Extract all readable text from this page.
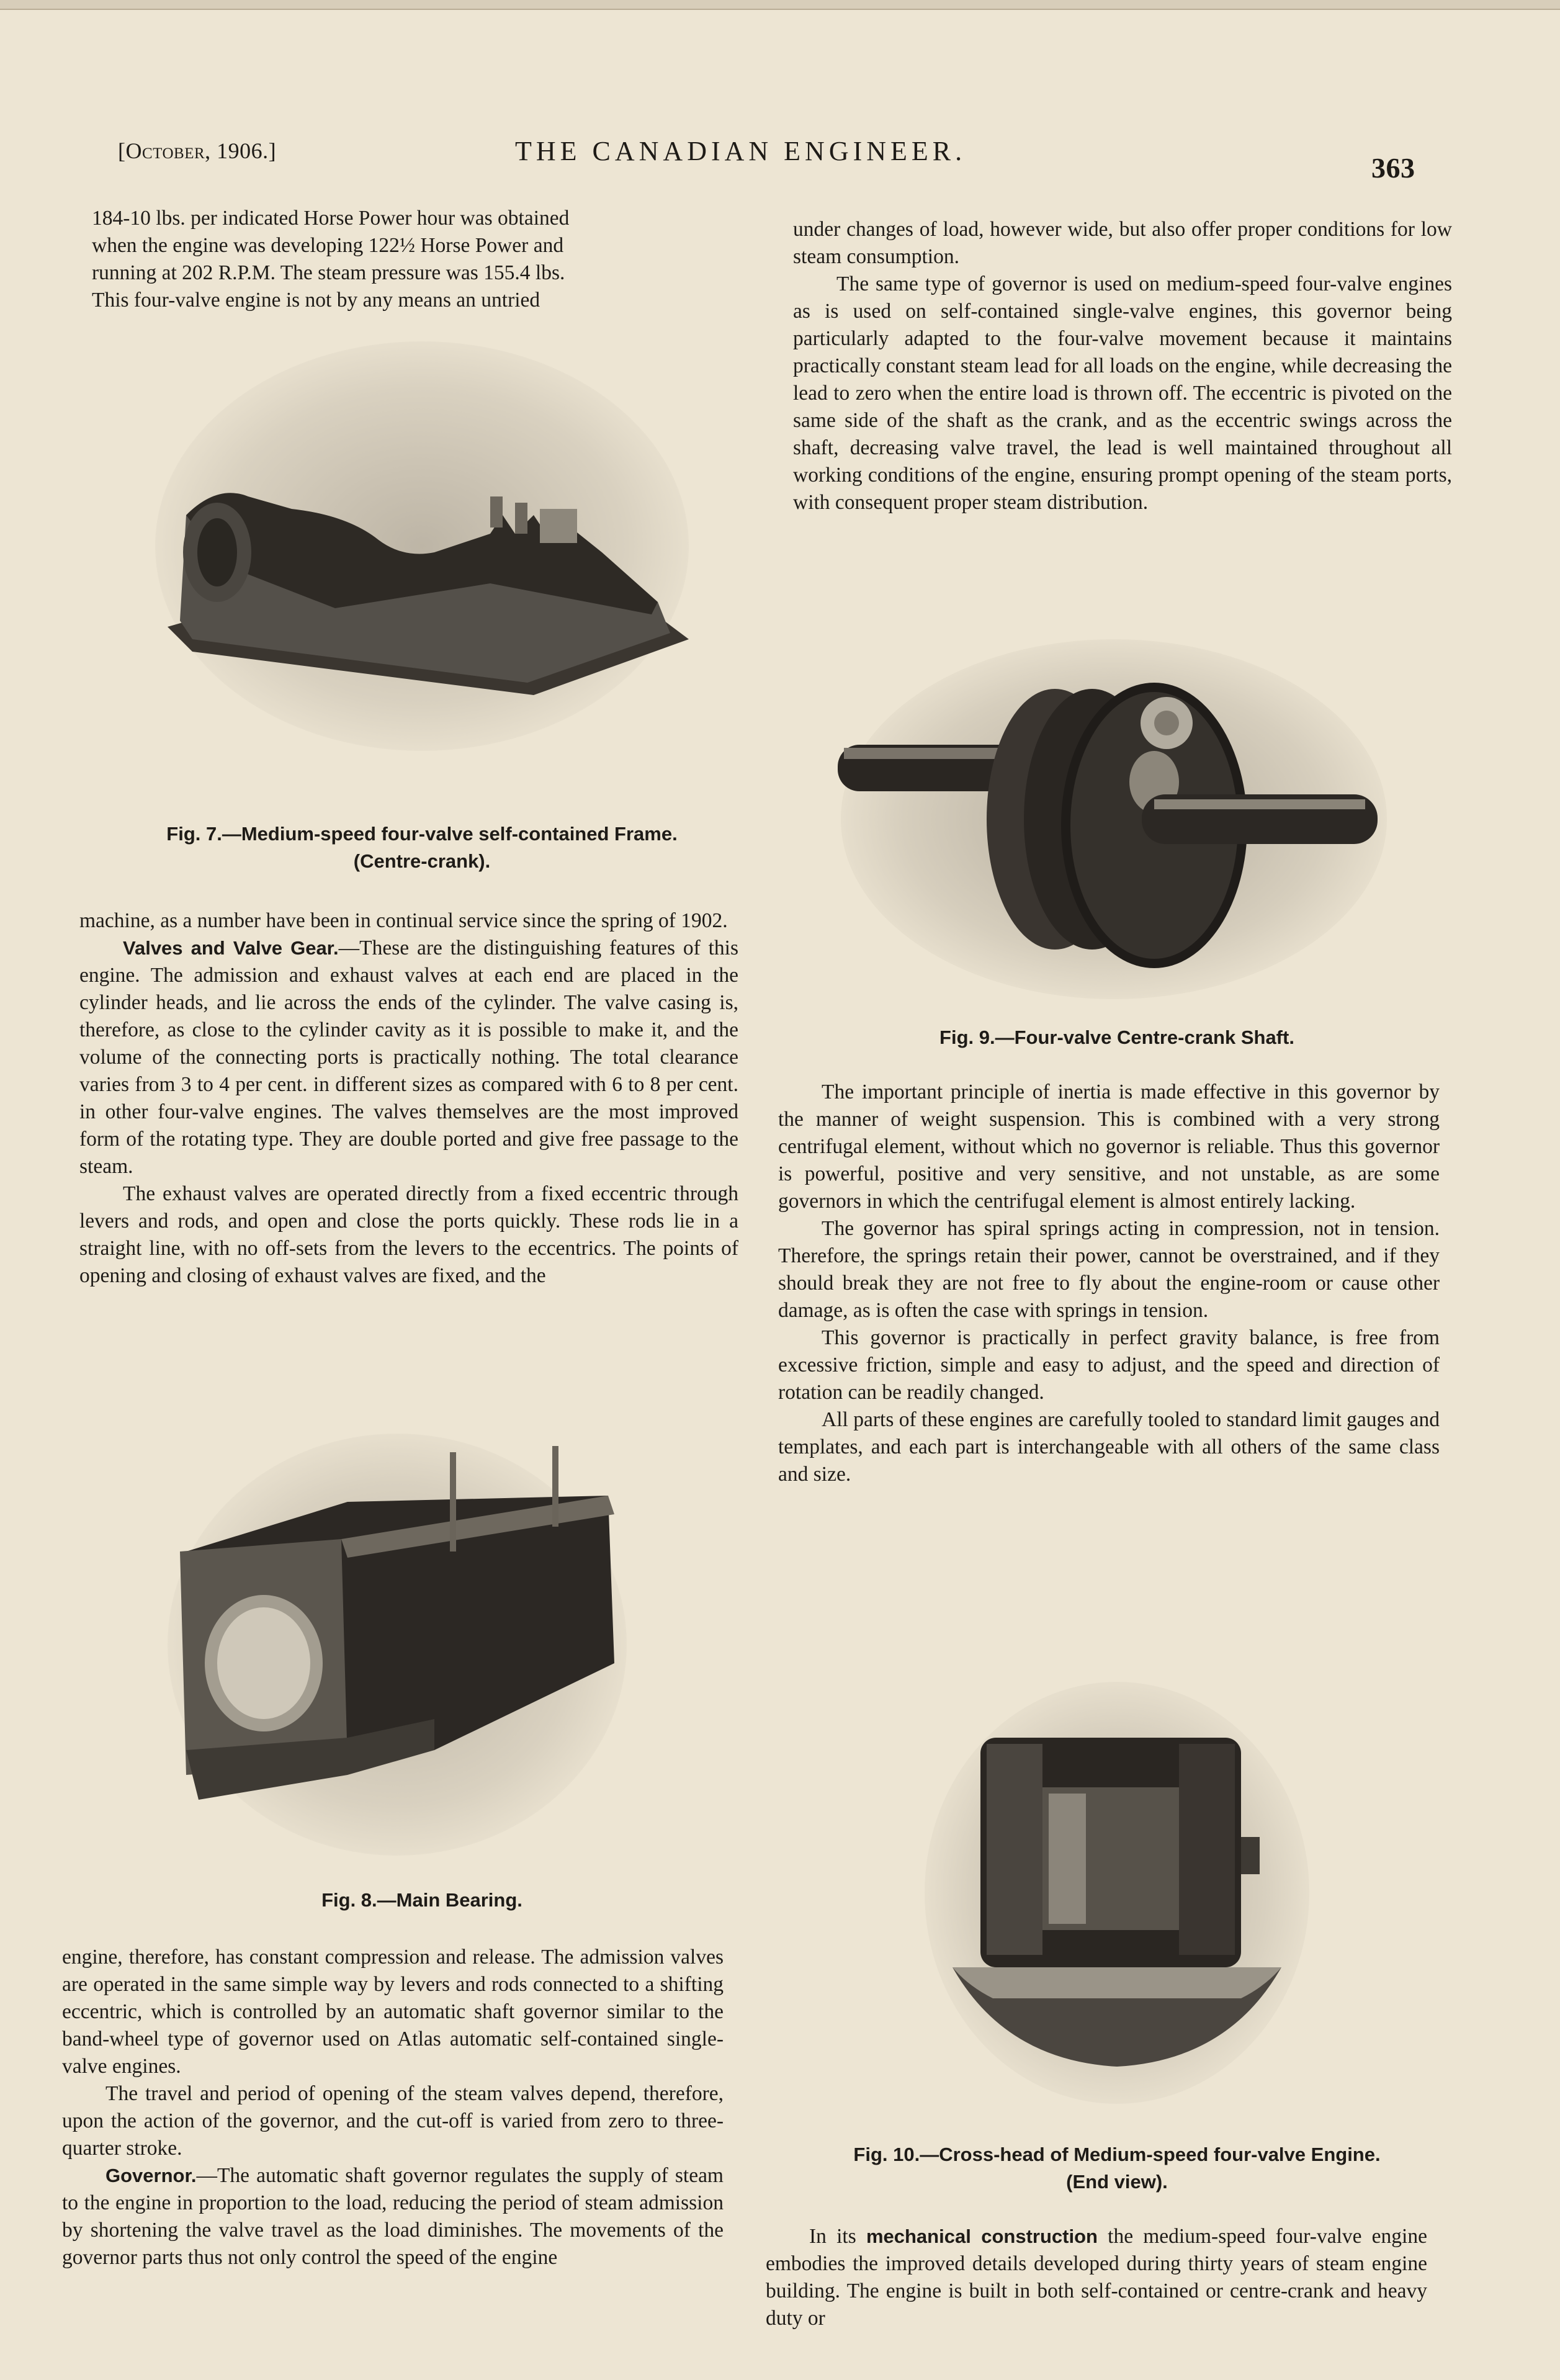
[October, 1906.]	THE CANADIAN ENGINEER.
363

184-10 lbs. per indicated Horse Power hour was obtained

when the engine was developing 122½ Horse Power and

running at 202 R.P.M. The steam pressure was 155.4 lbs.

This four-valve engine is not by any means an untried

Fig. 7.—Medium-speed four-valve self-contained Frame.
(Centre-crank).

machine, as a number have been in continual service since the spring of 1902.

Valves and Valve Gear.—These are the distinguishing features of this engine. The admission and exhaust valves at each end are placed in the cylinder heads, and lie across the ends of the cylinder. The valve casing is, therefore, as close to the cylinder cavity as it is possible to make it, and the volume of the connecting ports is practically nothing. The total clearance varies from 3 to 4 per cent. in different sizes as compared with 6 to 8 per cent. in other four-valve engines. The valves themselves are the most improved form of the rotating type. They are double ported and give free passage to the steam.

The exhaust valves are operated directly from a fixed eccentric through levers and rods, and open and close the ports quickly. These rods lie in a straight line, with no off-sets from the levers to the eccentrics. The points of opening and closing of exhaust valves are fixed, and the

Fig. 8.—Main Bearing.

engine, therefore, has constant compression and release. The admission valves are operated in the same simple way by levers and rods connected to a shifting eccentric, which is controlled by an automatic shaft governor similar to the band-wheel type of governor used on Atlas automatic self-contained single-valve engines.

The travel and period of opening of the steam valves depend, therefore, upon the action of the governor, and the cut-off is varied from zero to three-quarter stroke.

Governor.—The automatic shaft governor regulates the supply of steam to the engine in proportion to the load, reducing the period of steam admission by shortening the valve travel as the load diminishes. The movements of the governor parts thus not only control the speed of the engine

under changes of load, however wide, but also offer proper conditions for low steam consumption.

The same type of governor is used on medium-speed four-valve engines as is used on self-contained single-valve engines, this governor being particularly adapted to the four-valve movement because it maintains practically constant steam lead for all loads on the engine, while decreasing the lead to zero when the entire load is thrown off. The eccentric is pivoted on the same side of the shaft as the crank, and as the eccentric swings across the shaft, decreasing valve travel, the lead is well maintained throughout all working conditions of the engine, ensuring prompt opening of the steam ports, with consequent proper steam distribution.

Fig. 9.—Four-valve Centre-crank Shaft.

The important principle of inertia is made effective in this governor by the manner of weight suspension. This is combined with a very strong centrifugal element, without which no governor is reliable. Thus this governor is powerful, positive and very sensitive, and not unstable, as are some governors in which the centrifugal element is almost entirely lacking.

The governor has spiral springs acting in compression, not in tension. Therefore, the springs retain their power, cannot be overstrained, and if they should break they are not free to fly about the engine-room or cause other damage, as is often the case with springs in tension.

This governor is practically in perfect gravity balance, is free from excessive friction, simple and easy to adjust, and the speed and direction of rotation can be readily changed.

All parts of these engines are carefully tooled to standard limit gauges and templates, and each part is interchangeable with all others of the same class and size.

Fig. 10.—Cross-head of Medium-speed four-valve Engine.
(End view).

In its mechanical construction the medium-speed four-valve engine embodies the improved details developed during thirty years of steam engine building. The engine is built in both self-contained or centre-crank and heavy duty or
